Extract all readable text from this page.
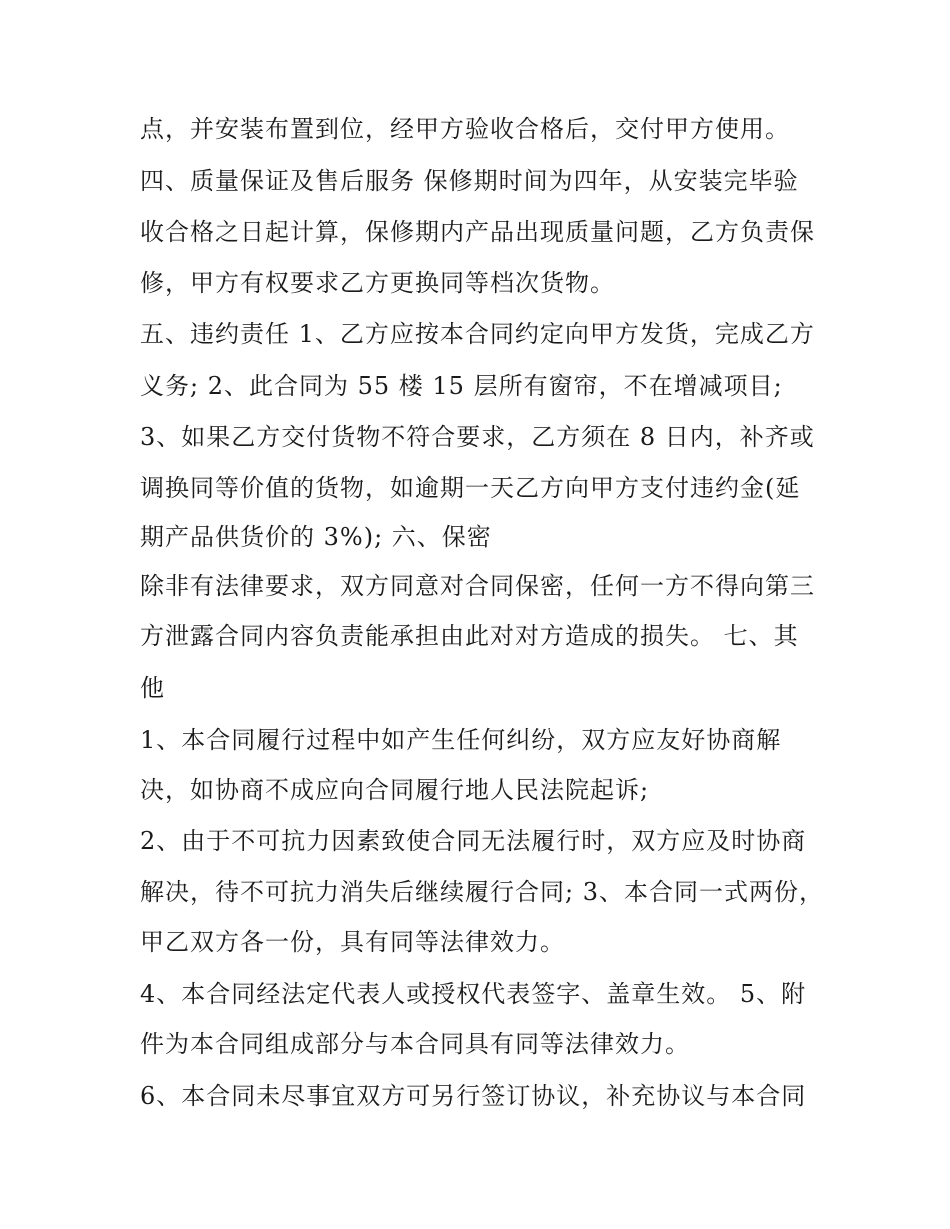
点，并安装布置到位，经甲方验收合格后，交付甲方使用。
四、质量保证及售后服务 保修期时间为四年，从安装完毕验
收合格之日起计算，保修期内产品出现质量问题，乙方负责保
修，甲方有权要求乙方更换同等档次货物。
五、违约责任 1、乙方应按本合同约定向甲方发货，完成乙方
义务; 2、此合同为 55 楼 15 层所有窗帘，不在增减项目;
3、如果乙方交付货物不符合要求，乙方须在 8 日内，补齐或
调换同等价值的货物，如逾期一天乙方向甲方支付违约金(延
期产品供货价的 3%); 六、保密
除非有法律要求，双方同意对合同保密，任何一方不得向第三
方泄露合同内容负责能承担由此对对方造成的损失。 七、其
他
1、本合同履行过程中如产生任何纠纷，双方应友好协商解
决，如协商不成应向合同履行地人民法院起诉;
2、由于不可抗力因素致使合同无法履行时，双方应及时协商
解决，待不可抗力消失后继续履行合同; 3、本合同一式两份，
甲乙双方各一份，具有同等法律效力。
4、本合同经法定代表人或授权代表签字、盖章生效。 5、附
件为本合同组成部分与本合同具有同等法律效力。
6、本合同未尽事宜双方可另行签订协议，补充协议与本合同
